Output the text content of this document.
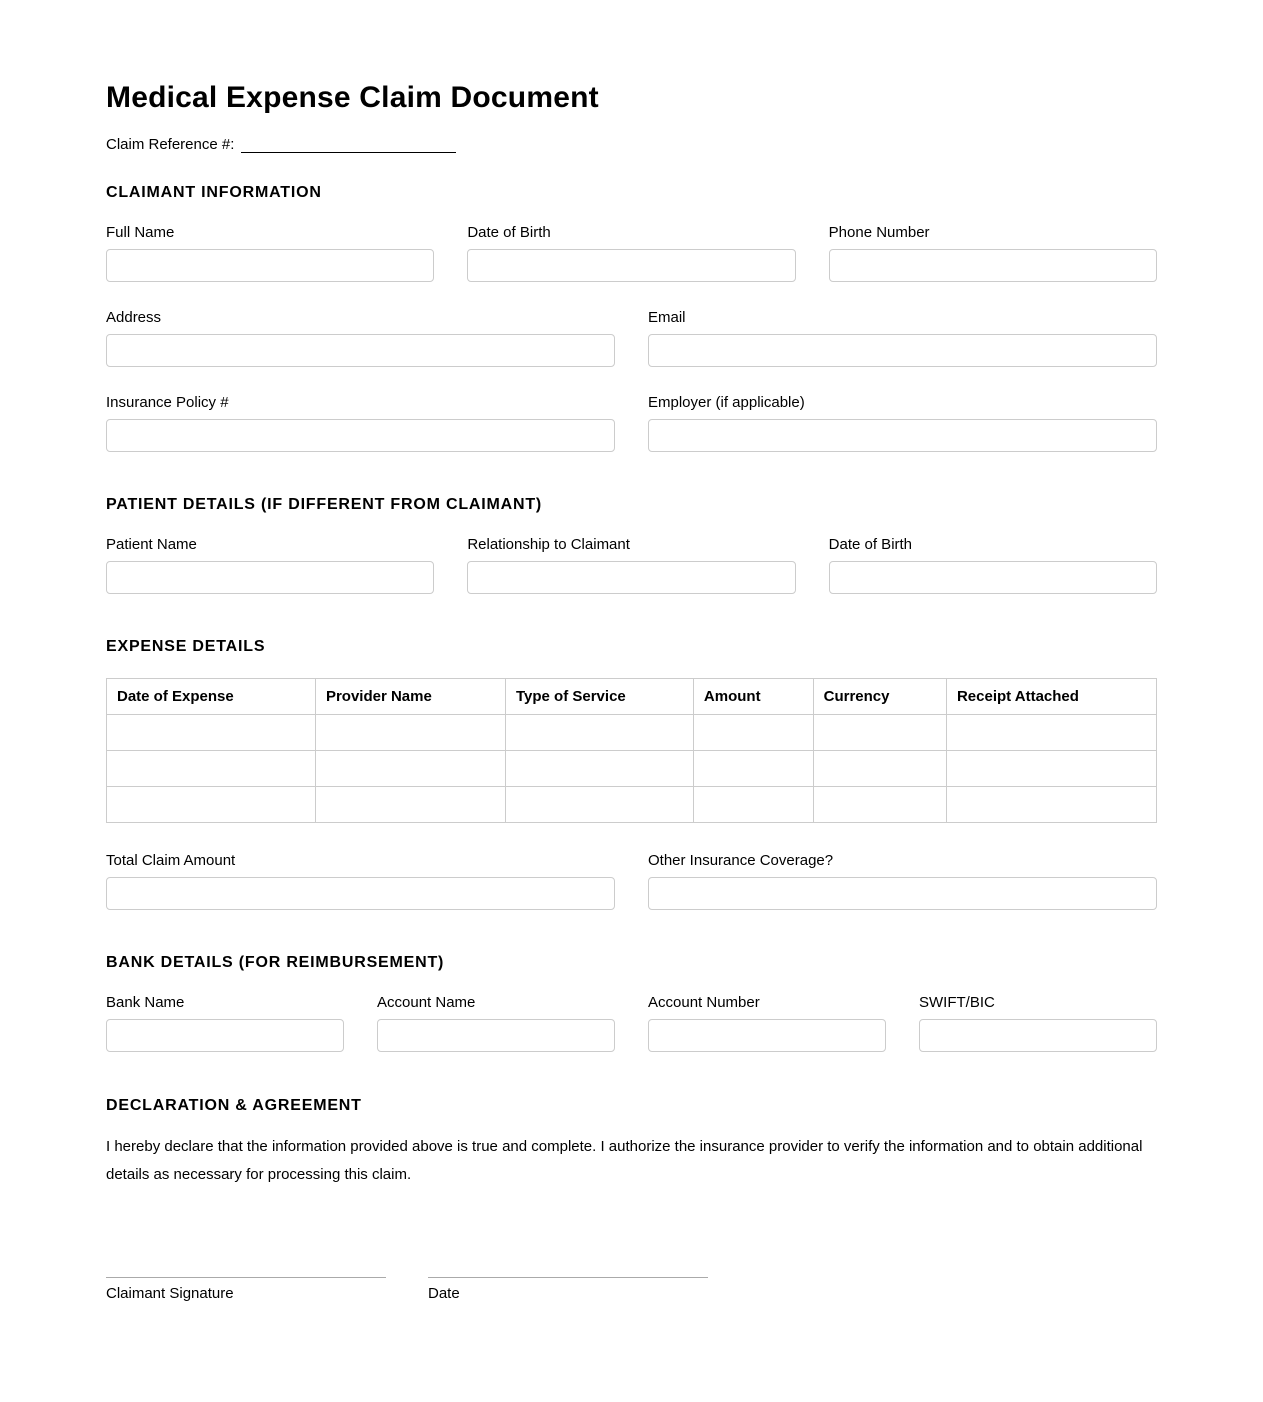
Medical Expense Claim Document
Claim Reference #:
CLAIMANT INFORMATION
Full Name	Date of Birth	Phone Number
Address	Email
Insurance Policy #	Employer (if applicable)
PATIENT DETAILS (IF DIFFERENT FROM CLAIMANT)
Patient Name	Relationship to Claimant	Date of Birth
EXPENSE DETAILS
Date of Expense	Provider Name	Type of Service	Amount	Currency	Receipt Attached

Total Claim Amount	Other Insurance Coverage?
BANK DETAILS (FOR REIMBURSEMENT)
Bank Name	Account Name	Account Number	SWIFT/BIC
DECLARATION & AGREEMENT

I hereby declare that the information provided above is true and complete. I authorize the insurance provider to verify the information and to obtain additional details as necessary for processing this claim.

Claimant Signature	Date
